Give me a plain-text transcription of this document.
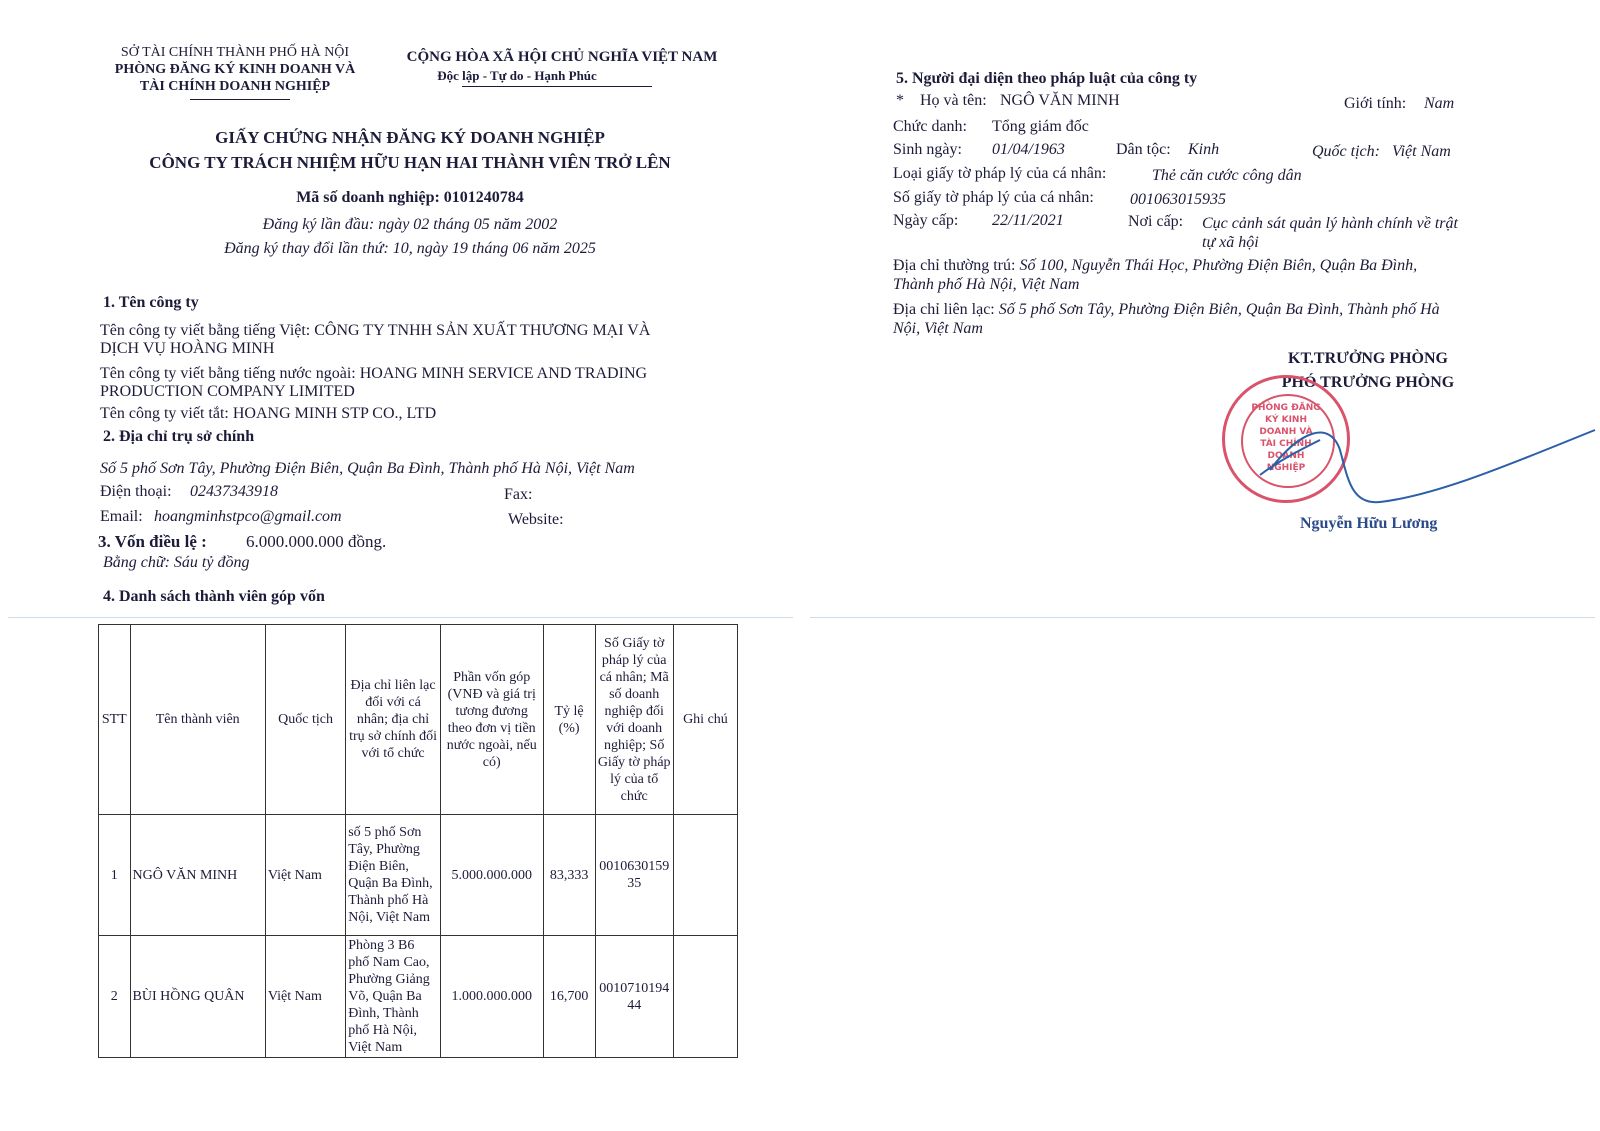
SỞ TÀI CHÍNH THÀNH PHỐ HÀ NỘI
PHÒNG ĐĂNG KÝ KINH DOANH VÀ
TÀI CHÍNH DOANH NGHIỆP
CỘNG HÒA XÃ HỘI CHỦ NGHĨA VIỆT NAM
Độc lập - Tự do - Hạnh Phúc
GIẤY CHỨNG NHẬN ĐĂNG KÝ DOANH NGHIỆP
CÔNG TY TRÁCH NHIỆM HỮU HẠN HAI THÀNH VIÊN TRỞ LÊN
Mã số doanh nghiệp: 0101240784
Đăng ký lần đầu: ngày 02 tháng 05 năm 2002
Đăng ký thay đổi lần thứ: 10, ngày 19 tháng 06 năm 2025
1. Tên công ty
Tên công ty viết bằng tiếng Việt: CÔNG TY TNHH SẢN XUẤT THƯƠNG MẠI VÀ
DỊCH VỤ HOÀNG MINH
Tên công ty viết bằng tiếng nước ngoài: HOANG MINH SERVICE AND TRADING
PRODUCTION COMPANY LIMITED
Tên công ty viết tắt: HOANG MINH STP CO., LTD
2. Địa chỉ trụ sở chính
Số 5 phố Sơn Tây, Phường Điện Biên, Quận Ba Đình, Thành phố Hà Nội, Việt Nam
Điện thoại: 02437343918	Fax:
Email: hoangminhstpco@gmail.com	Website:
3. Vốn điều lệ : 6.000.000.000 đồng.
Bằng chữ: Sáu tỷ đồng
4. Danh sách thành viên góp vốn
STT	Tên thành viên	Quốc tịch	Địa chỉ liên lạc đối với cá nhân; địa chỉ trụ sở chính đối với tổ chức	Phần vốn góp (VNĐ và giá trị tương đương theo đơn vị tiền nước ngoài, nếu có)	Tỷ lệ (%)	Số Giấy tờ pháp lý của cá nhân; Mã số doanh nghiệp đối với doanh nghiệp; Số Giấy tờ pháp lý của tổ chức	Ghi chú
1	NGÔ VĂN MINH	Việt Nam	số 5 phố Sơn Tây, Phường Điện Biên, Quận Ba Đình, Thành phố Hà Nội, Việt Nam	5.000.000.000	83,333	001063015935	
2	BÙI HỒNG QUÂN	Việt Nam	Phòng 3 B6 phố Nam Cao, Phường Giảng Võ, Quận Ba Đình, Thành phố Hà Nội, Việt Nam	1.000.000.000	16,700	001071019444	
5. Người đại diện theo pháp luật của công ty
* Họ và tên: NGÔ VĂN MINH	Giới tính: Nam
Chức danh: Tổng giám đốc
Sinh ngày: 01/04/1963	Dân tộc: Kinh	Quốc tịch: Việt Nam
Loại giấy tờ pháp lý của cá nhân:	Thẻ căn cước công dân
Số giấy tờ pháp lý của cá nhân: 001063015935
Ngày cấp: 22/11/2021	Nơi cấp: Cục cảnh sát quản lý hành chính về trật
tự xã hội
Địa chỉ thường trú: Số 100, Nguyễn Thái Học, Phường Điện Biên, Quận Ba Đình,
Thành phố Hà Nội, Việt Nam
Địa chỉ liên lạc: Số 5 phố Sơn Tây, Phường Điện Biên, Quận Ba Đình, Thành phố Hà
Nội, Việt Nam
KT.TRƯỞNG PHÒNG
PHÓ TRƯỞNG PHÒNG
PHÒNG ĐĂNG KÝ KINH DOANH VÀ TÀI CHÍNH DOANH NGHIỆP
Nguyễn Hữu Lương
